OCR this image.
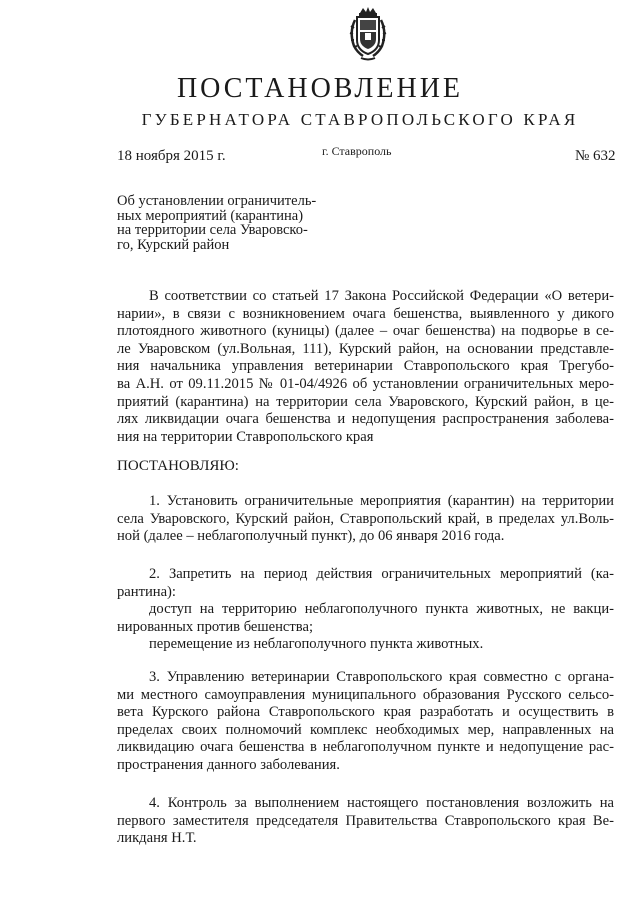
ПОСТАНОВЛЕНИЕ
ГУБЕРНАТОРА СТАВРОПОЛЬСКОГО КРАЯ
18 ноября 2015 г.	г. Ставрополь	№ 632
Об установлении ограничитель-
ных мероприятий (карантина)
на территории села Уваровско-
го, Курский район
В соответствии со статьей 17 Закона Российской Федерации «О ветери-
нарии», в связи с возникновением очага бешенства, выявленного у дикого
плотоядного животного (куницы) (далее – очаг бешенства) на подворье в се-
ле Уваровском (ул.Вольная, 111), Курский район, на основании представле-
ния начальника управления ветеринарии Ставропольского края Трегубо-
ва А.Н. от 09.11.2015 № 01-04/4926 об установлении ограничительных меро-
приятий (карантина) на территории села Уваровского, Курский район, в це-
лях ликвидации очага бешенства и недопущения распространения заболева-
ния на территории Ставропольского края
ПОСТАНОВЛЯЮ:
1. Установить ограничительные мероприятия (карантин) на территории
села Уваровского, Курский район, Ставропольский край, в пределах ул.Воль-
ной (далее – неблагополучный пункт), до 06 января 2016 года.
2. Запретить на период действия ограничительных мероприятий (ка-
рантина):
доступ на территорию неблагополучного пункта животных, не вакци-
нированных против бешенства;
перемещение из неблагополучного пункта животных.
3. Управлению ветеринарии Ставропольского края совместно с органа-
ми местного самоуправления муниципального образования Русского сельсо-
вета Курского района Ставропольского края разработать и осуществить в
пределах своих полномочий комплекс необходимых мер, направленных на
ликвидацию очага бешенства в неблагополучном пункте и недопущение рас-
пространения данного заболевания.
4. Контроль за выполнением настоящего постановления возложить на
первого заместителя председателя Правительства Ставропольского края Ве-
ликданя Н.Т.
